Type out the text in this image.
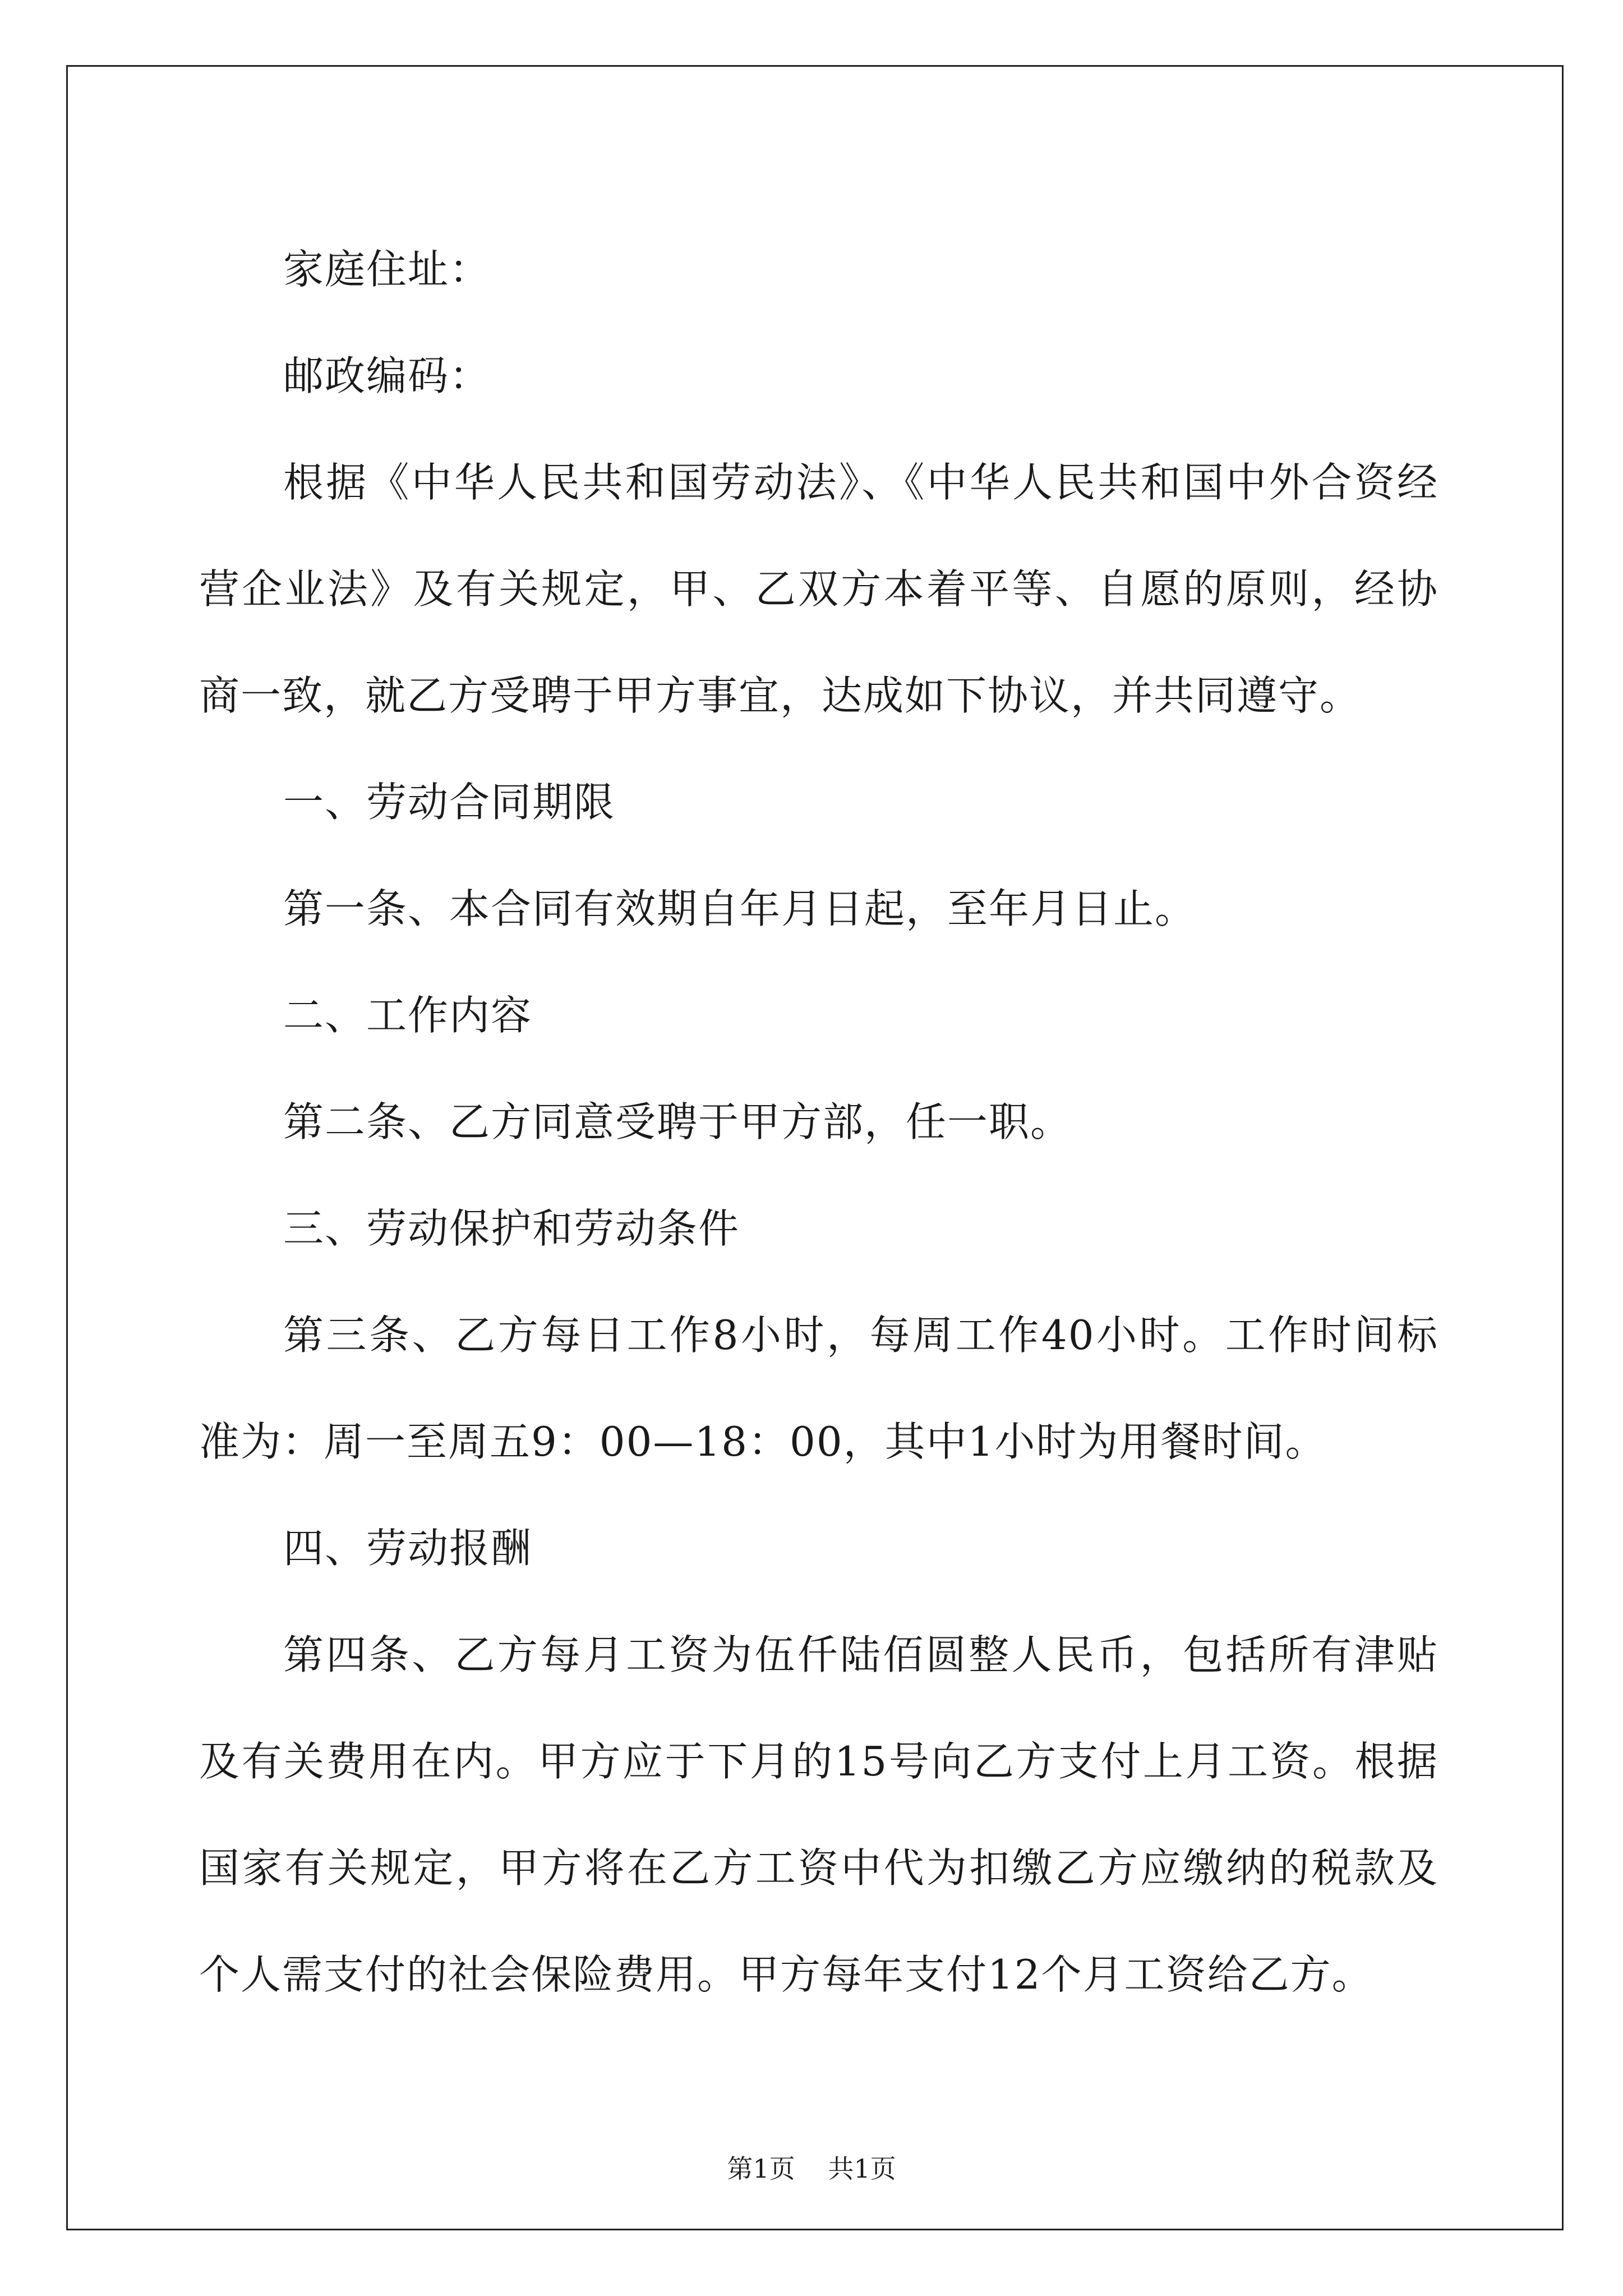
家庭住址：

邮政编码：

根据《中华人民共和国劳动法》、《中华人民共和国中外合资经营企业法》及有关规定，甲、乙双方本着平等、自愿的原则，经协商一致，就乙方受聘于甲方事宜，达成如下协议，并共同遵守。

一、劳动合同期限

第一条、本合同有效期自年月日起，至年月日止。

二、工作内容

第二条、乙方同意受聘于甲方部，任一职。

三、劳动保护和劳动条件

第三条、乙方每日工作8小时，每周工作40小时。工作时间标准为：周一至周五9：00—18：00，其中1小时为用餐时间。

四、劳动报酬

第四条、乙方每月工资为伍仟陆佰圆整人民币，包括所有津贴及有关费用在内。甲方应于下月的15号向乙方支付上月工资。根据国家有关规定，甲方将在乙方工资中代为扣缴乙方应缴纳的税款及个人需支付的社会保险费用。甲方每年支付12个月工资给乙方。

第1页 共1页
